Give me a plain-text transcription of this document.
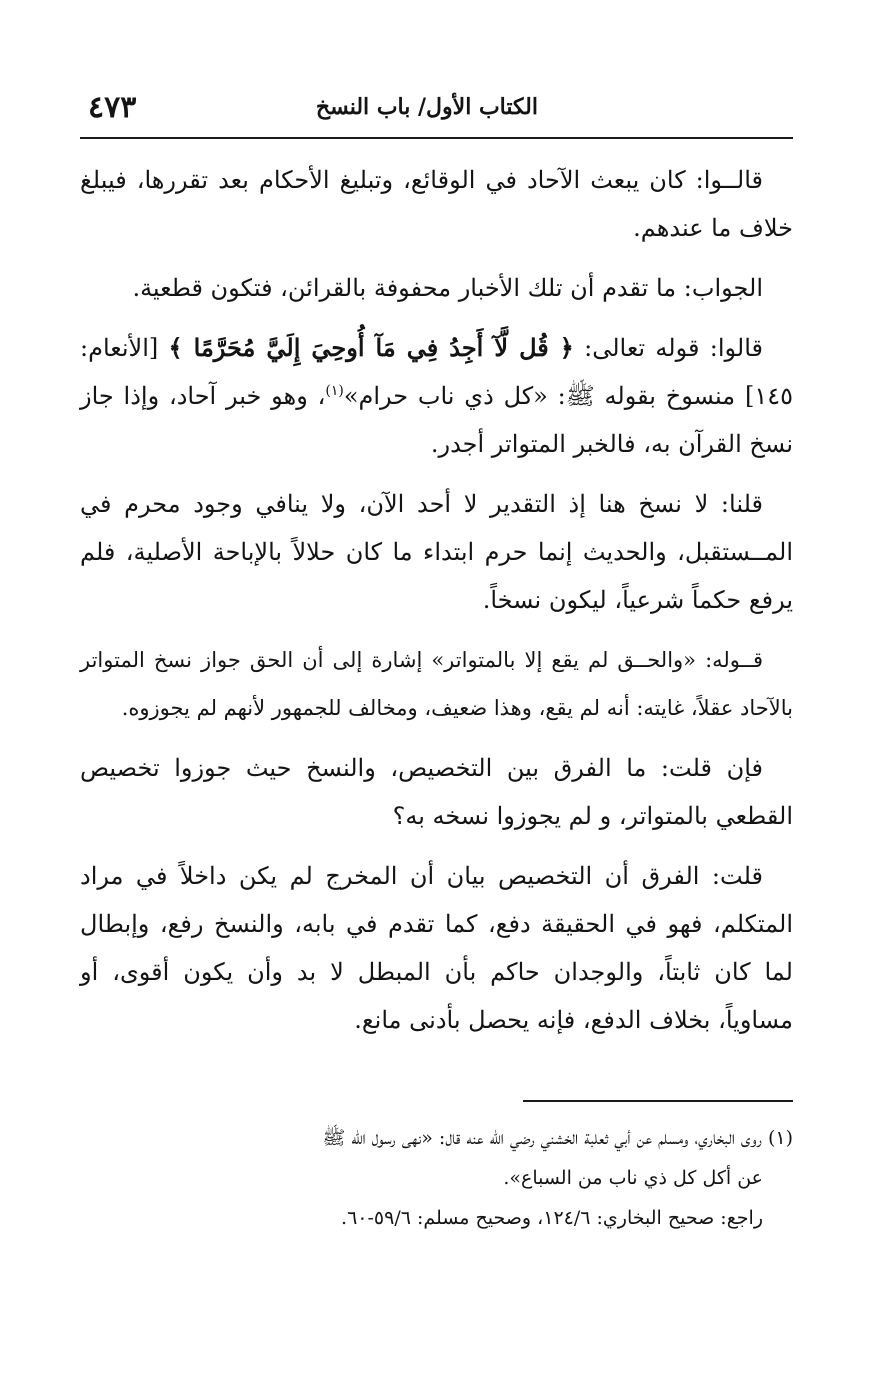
الكتاب الأول/ باب النسخ
٤٧٣

قالــوا: كان يبعث الآحاد في الوقائع، وتبليغ الأحكام بعد تقررها، فيبلغ خلاف ما عندهم.

الجواب: ما تقدم أن تلك الأخبار محفوفة بالقرائن، فتكون قطعية.

قالوا: قوله تعالى: ﴿ قُل لَّآ أَجِدُ فِي مَآ أُوحِيَ إِلَيَّ مُحَرَّمًا ﴾ [الأنعام: ١٤٥] منسوخ بقوله ﷺ: «كل ذي ناب حرام»$^{(١)}$، وهو خبر آحاد، وإذا جاز نسخ القرآن به، فالخبر المتواتر أجدر.

قلنا: لا نسخ هنا إذ التقدير لا أحد الآن، ولا ينافي وجود محرم في المــستقبل، والحديث إنما حرم ابتداء ما كان حلالاً بالإباحة الأصلية، فلم يرفع حكماً شرعياً، ليكون نسخاً.

قــوله: «والحــق لم يقع إلا بالمتواتر» إشارة إلى أن الحق جواز نسخ المتواتر بالآحاد عقلاً، غايته: أنه لم يقع، وهذا ضعيف، ومخالف للجمهور لأنهم لم يجوزوه.

فإن قلت: ما الفرق بين التخصيص، والنسخ حيث جوزوا تخصيص القطعي بالمتواتر، و لم يجوزوا نسخه به؟

قلت: الفرق أن التخصيص بيان أن المخرج لم يكن داخلاً في مراد المتكلم، فهو في الحقيقة دفع، كما تقدم في بابه، والنسخ رفع، وإبطال لما كان ثابتاً، والوجدان حاكم بأن المبطل لا بد وأن يكون أقوى، أو مساوياً، بخلاف الدفع، فإنه يحصل بأدنى مانع.

(١) روى البخاري، ومسلم عن أبي ثعلبة الخشني رضي الله عنه قال: «نهى رسول الله ﷺ

عن أكل كل ذي ناب من السباع».

راجع: صحيح البخاري: ١٢٤/٦، وصحيح مسلم: ٥٩/٦-٦٠.
